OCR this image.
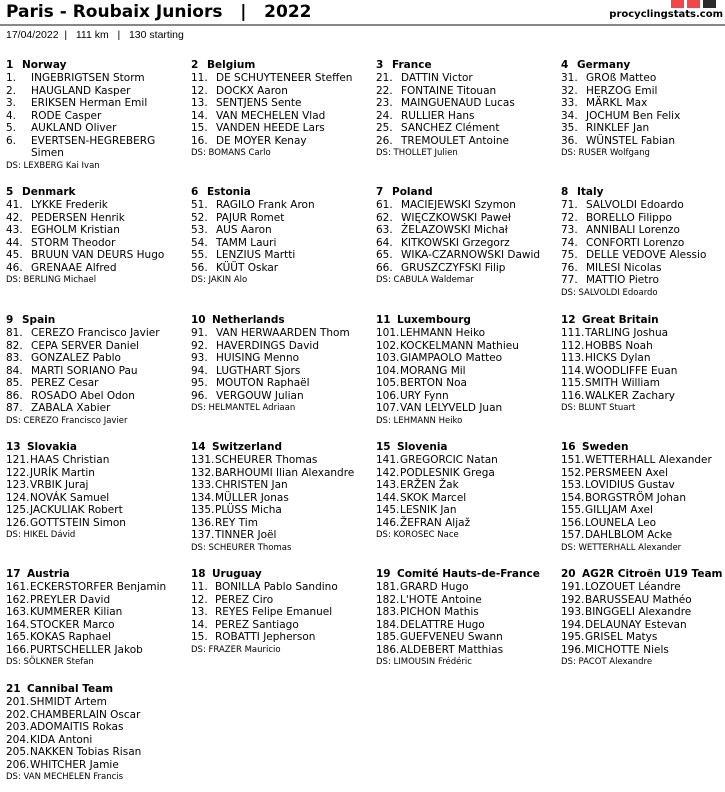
Paris - Roubaix Juniors   |   2022	procyclingstats.com
17/04/2022  |   111 km   |   130 starting
1 Norway
1.	INGEBRIGTSEN Storm
2.	HAUGLAND Kasper
3.	ERIKSEN Herman Emil
4.	RODE Casper
5.	AUKLAND Oliver
6.	EVERTSEN-HEGREBERG Simen
DS: LEXBERG Kai Ivan
2 Belgium
11. DE SCHUYTENEER Steffen
12. DOCKX Aaron
13. SENTJENS Sente
14. VAN MECHELEN Vlad
15. VANDEN HEEDE Lars
16. DE MOYER Kenay
DS: BOMANS Carlo
3 France
21. DATTIN Victor
22. FONTAINE Titouan
23. MAINGUENAUD Lucas
24. RULLIER Hans
25. SANCHEZ Clément
26. TREMOULET Antoine
DS: THOLLET Julien
4 Germany
31. GROß Matteo
32. HERZOG Emil
33. MÄRKL Max
34. JOCHUM Ben Felix
35. RINKLEF Jan
36. WÜNSTEL Fabian
DS: RUSER Wolfgang
5 Denmark
41. LYKKE Frederik
42. PEDERSEN Henrik
43. EGHOLM Kristian
44. STORM Theodor
45. BRUUN VAN DEURS Hugo
46. GRENAAE Alfred
DS: BERLING Michael
6 Estonia
51. RAGILO Frank Aron
52. PAJUR Romet
53. AUS Aaron
54. TAMM Lauri
55. LENZIUS Martti
56. KÜÜT Oskar
DS: JAKIN Alo
7 Poland
61. MACIEJEWSKI Szymon
62. WIĘCZKOWSKI Paweł
63. ŻELAZOWSKI Michał
64. KITKOWSKI Grzegorz
65. WIKA-CZARNOWSKI Dawid
66. GRUSZCZYFSKI Filip
DS: CABULA Waldemar
8 Italy
71. SALVOLDI Edoardo
72. BORELLO Filippo
73. ANNIBALI Lorenzo
74. CONFORTI Lorenzo
75. DELLE VEDOVE Alessio
76. MILESI Nicolas
77. MATTIO Pietro
DS: SALVOLDI Edoardo
9 Spain
81. CEREZO Francisco Javier
82. CEPA SERVER Daniel
83. GONZALEZ Pablo
84. MARTI SORIANO Pau
85. PEREZ Cesar
86. ROSADO Abel Odon
87. ZABALA Xabier
DS: CEREZO Francisco Javier
10 Netherlands
91. VAN HERWAARDEN Thom
92. HAVERDINGS David
93. HUISING Menno
94. LUGTHART Sjors
95. MOUTON Raphaël
96. VERGOUW Julian
DS: HELMANTEL Adriaan
11 Luxembourg
101. LEHMANN Heiko
102. KOCKELMANN Mathieu
103. GIAMPAOLO Matteo
104. MORANG Mil
105. BERTON Noa
106. URY Fynn
107. VAN LELYVELD Juan
DS: LEHMANN Heiko
12 Great Britain
111. TARLING Joshua
112. HOBBS Noah
113. HICKS Dylan
114. WOODLIFFE Euan
115. SMITH William
116. WALKER Zachary
DS: BLUNT Stuart
13 Slovakia
121. HAAS Christian
122. JURÍK Martin
123. VRBIK Juraj
124. NOVÁK Samuel
125. JACKULIAK Robert
126. GOTTSTEIN Simon
DS: HIKEL Dávid
14 Switzerland
131. SCHEURER Thomas
132. BARHOUMI Ilian Alexandre
133. CHRISTEN Jan
134. MÜLLER Jonas
135. PLÜSS Micha
136. REY Tim
137. TINNER Joël
DS: SCHEURER Thomas
15 Slovenia
141. GREGORCIC Natan
142. PODLESNIK Grega
143. ERŽEN Žak
144. SKOK Marcel
145. LESNIK Jan
146. ŽEFRAN Aljaž
DS: KOROSEC Nace
16 Sweden
151. WETTERHALL Alexander
152. PERSMEEN Axel
153. LOVIDIUS Gustav
154. BORGSTRÖM Johan
155. GILLJAM Axel
156. LOUNELA Leo
157. DAHLBLOM Acke
DS: WETTERHALL Alexander
17 Austria
161. ECKERSTORFER Benjamin
162. PREYLER David
163. KUMMERER Kilian
164. STOCKER Marco
165. KOKAS Raphael
166. PURTSCHELLER Jakob
DS: SÖLKNER Stefan
18 Uruguay
11. BONILLA Pablo Sandino
12. PEREZ Ciro
13. REYES Felipe Emanuel
14. PEREZ Santiago
15. ROBATTI Jepherson
DS: FRAZER Mauricio
19 Comité Hauts-de-France
181. GRARD Hugo
182. L'HOTE Antoine
183. PICHON Mathis
184. DELATTRE Hugo
185. GUEFVENEU Swann
186. ALDEBERT Matthias
DS: LIMOUSIN Frédéric
20 AG2R Citroën U19 Team
191. LOZOUET Léandre
192. BARUSSEAU Mathéo
193. BINGGELI Alexandre
194. DELAUNAY Estevan
195. GRISEL Matys
196. MICHOTTE Niels
DS: PACOT Alexandre
21 Cannibal Team
201. SHMIDT Artem
202. CHAMBERLAIN Oscar
203. ADOMAITIS Rokas
204. KIDA Antoni
205. NAKKEN Tobias Risan
206. WHITCHER Jamie
DS: VAN MECHELEN Francis
